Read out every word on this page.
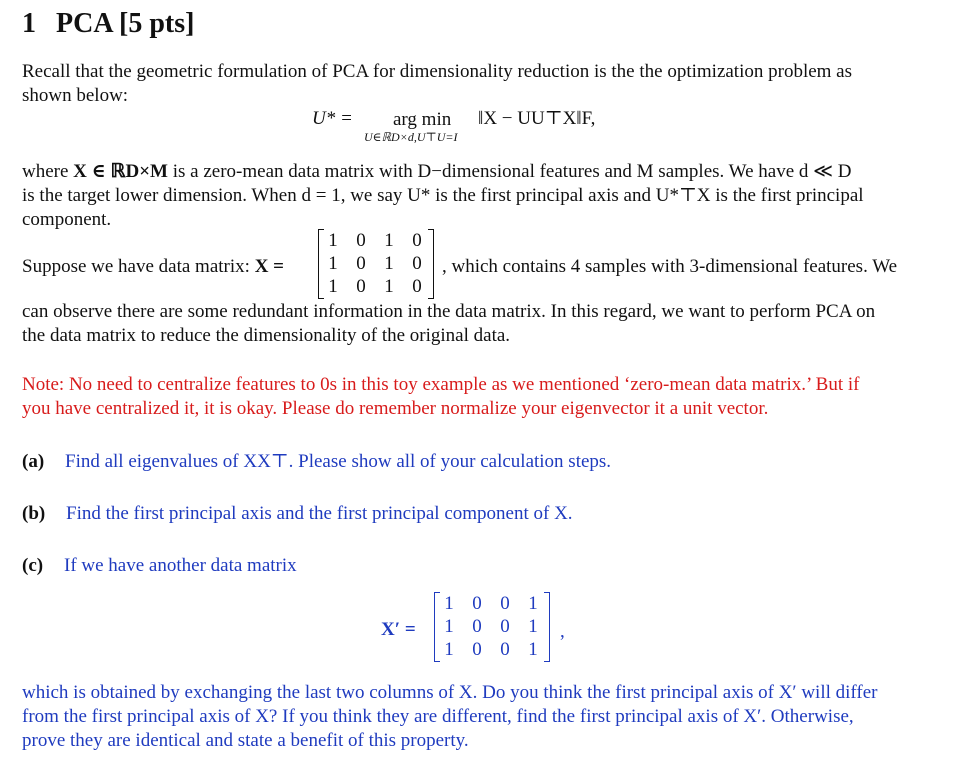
1 PCA [5 pts]
Recall that the geometric formulation of PCA for dimensionality reduction is the the optimization problem as
shown below:
U* = arg min
U∈ℝD×d,U⊤U=I
‖X − UU⊤X‖F,
where X ∈ ℝD×M is a zero-mean data matrix with D−dimensional features and M samples. We have d ≪ D
is the target lower dimension. When d = 1, we say U* is the first principal axis and U*⊤X is the first principal
component.
Suppose we have data matrix: X =
1 0 1 0
1 0 1 0
1 0 1 0
, which contains 4 samples with 3-dimensional features. We
can observe there are some redundant information in the data matrix. In this regard, we want to perform PCA on
the data matrix to reduce the dimensionality of the original data.
Note: No need to centralize features to 0s in this toy example as we mentioned ‘zero-mean data matrix.’ But if
you have centralized it, it is okay. Please do remember normalize your eigenvector it a unit vector.
(a) Find all eigenvalues of XX⊤. Please show all of your calculation steps.
(b) Find the first principal axis and the first principal component of X.
(c) If we have another data matrix
X′ =
1 0 0 1
1 0 0 1
1 0 0 1
,
which is obtained by exchanging the last two columns of X. Do you think the first principal axis of X′ will differ
from the first principal axis of X? If you think they are different, find the first principal axis of X′. Otherwise,
prove they are identical and state a benefit of this property.
